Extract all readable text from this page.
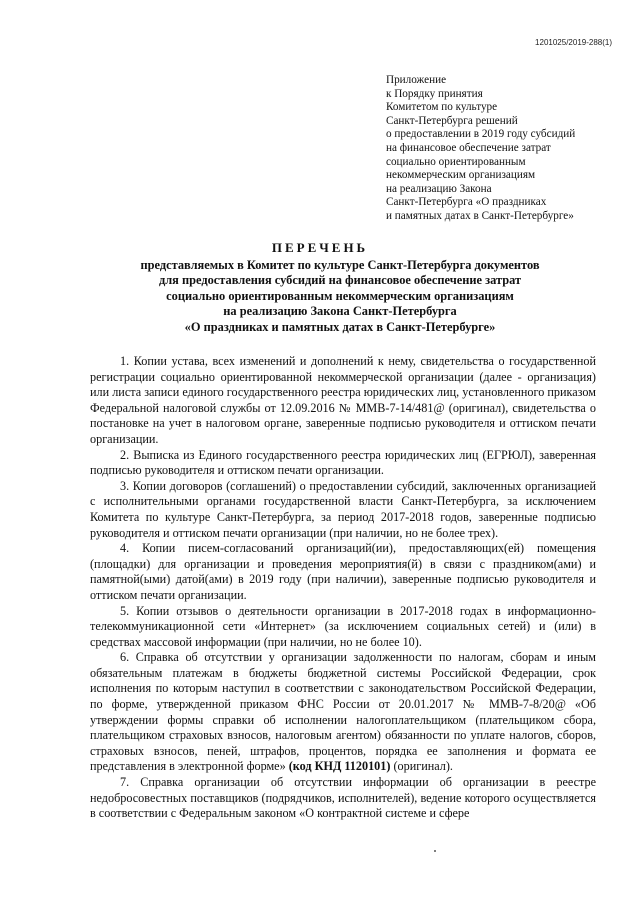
1201025/2019-288(1)
Приложение
к Порядку принятия
Комитетом по культуре
Санкт-Петербурга решений
о предоставлении в 2019 году субсидий
на финансовое обеспечение затрат
социально ориентированным
некоммерческим организациям
на реализацию Закона
Санкт-Петербурга «О праздниках
и памятных датах в Санкт-Петербурге»
ПЕРЕЧЕНЬ
представляемых в Комитет по культуре Санкт-Петербурга документов
для предоставления субсидий на финансовое обеспечение затрат
социально ориентированным некоммерческим организациям
на реализацию Закона Санкт-Петербурга
«О праздниках и памятных датах в Санкт-Петербурге»

1. Копии устава, всех изменений и дополнений к нему, свидетельства о государственной регистрации социально ориентированной некоммерческой организации (далее - организация) или листа записи единого государственного реестра юридических лиц, установленного приказом Федеральной налоговой службы от 12.09.2016 № ММВ-7-14/481@ (оригинал), свидетельства о постановке на учет в налоговом органе, заверенные подписью руководителя и оттиском печати организации.

2. Выписка из Единого государственного реестра юридических лиц (ЕГРЮЛ), заверенная подписью руководителя и оттиском печати организации.

3. Копии договоров (соглашений) о предоставлении субсидий, заключенных организацией с исполнительными органами государственной власти Санкт-Петербурга, за исключением Комитета по культуре Санкт-Петербурга, за период 2017-2018 годов, заверенные подписью руководителя и оттиском печати организации (при наличии, но не более трех).

4. Копии писем-согласований организаций(ии), предоставляющих(ей) помещения (площадки) для организации и проведения мероприятия(й) в связи с праздником(ами) и памятной(ыми) датой(ами) в 2019 году (при наличии), заверенные подписью руководителя и оттиском печати организации.

5. Копии отзывов о деятельности организации в 2017-2018 годах в информационно-телекоммуникационной сети «Интернет» (за исключением социальных сетей) и (или) в средствах массовой информации (при наличии, но не более 10).

6. Справка об отсутствии у организации задолженности по налогам, сборам и иным обязательным платежам в бюджеты бюджетной системы Российской Федерации, срок исполнения по которым наступил в соответствии с законодательством Российской Федерации, по форме, утвержденной приказом ФНС России от 20.01.2017 № ММВ-7-8/20@ «Об утверждении формы справки об исполнении налогоплательщиком (плательщиком сбора, плательщиком страховых взносов, налоговым агентом) обязанности по уплате налогов, сборов, страховых взносов, пеней, штрафов, процентов, порядка ее заполнения и формата ее представления в электронной форме» (код КНД 1120101) (оригинал).

7. Справка организации об отсутствии информации об организации в реестре недобросовестных поставщиков (подрядчиков, исполнителей), ведение которого осуществляется в соответствии с Федеральным законом «О контрактной системе и сфере
